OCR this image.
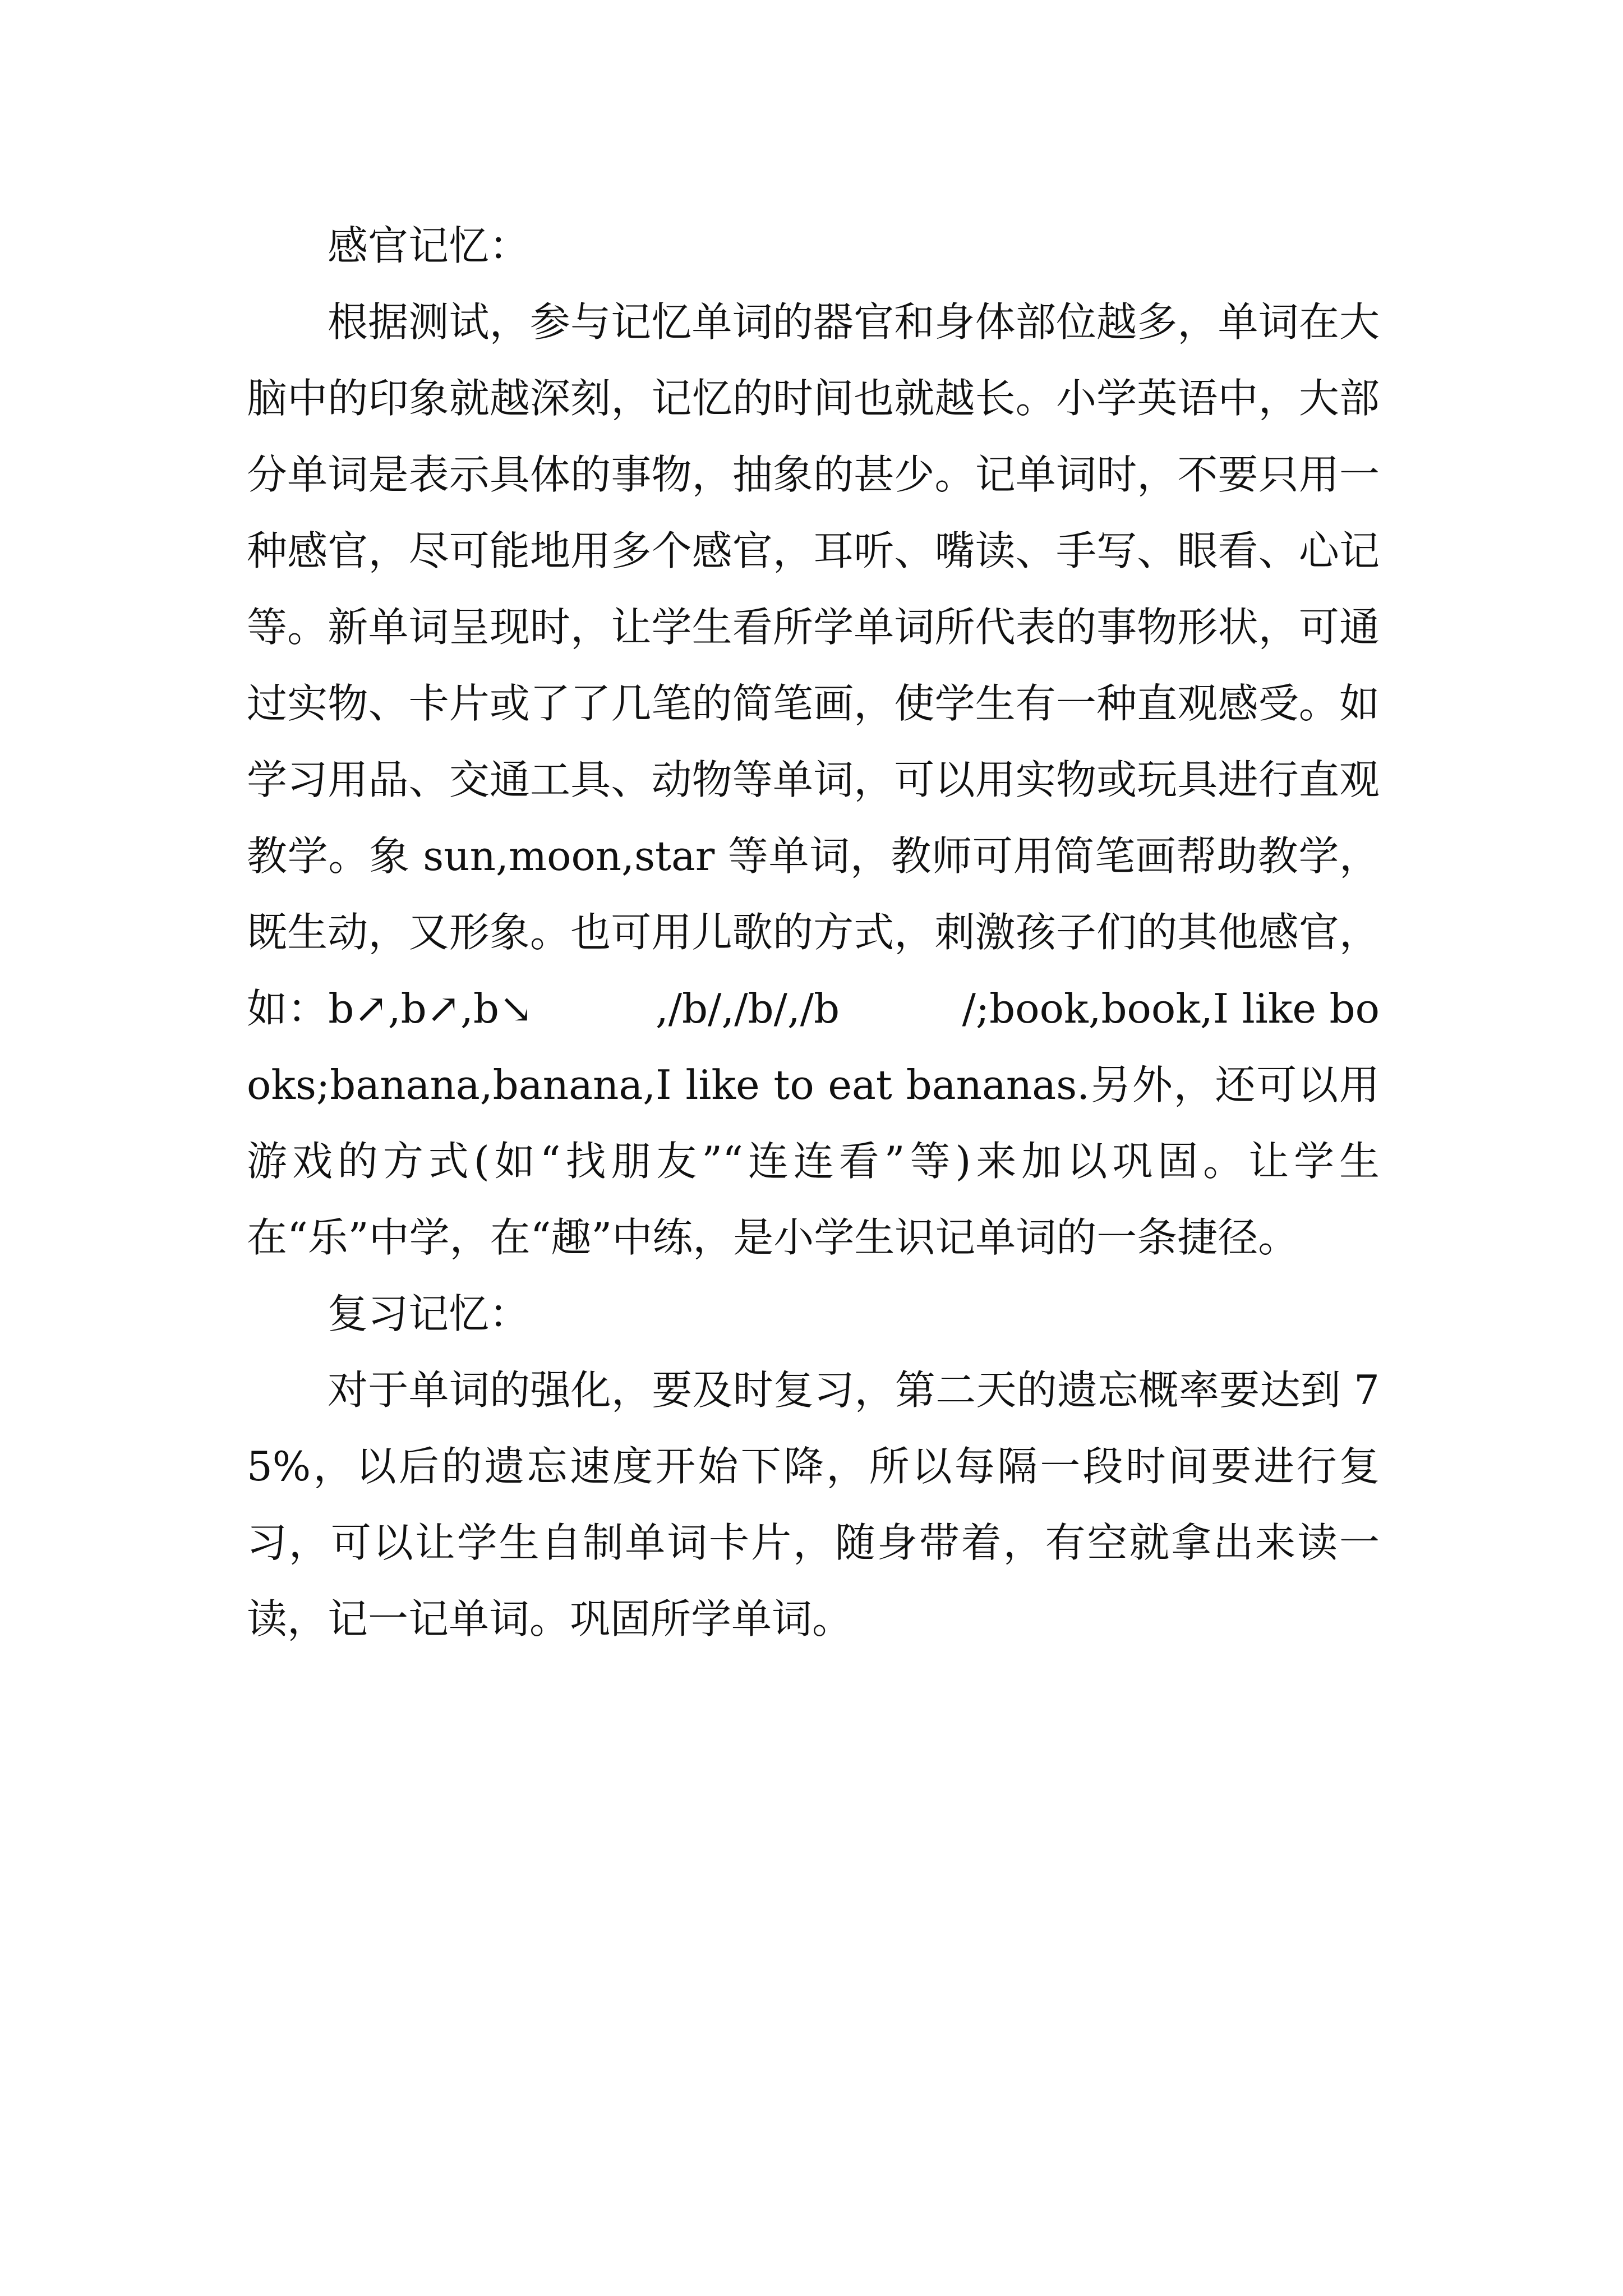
感官记忆：

根据测试，参与记忆单词的器官和身体部位越多，单词在大脑中的印象就越深刻，记忆的时间也就越长。小学英语中，大部分单词是表示具体的事物，抽象的甚少。记单词时，不要只用一种感官，尽可能地用多个感官，耳听、嘴读、手写、眼看、心记等。新单词呈现时，让学生看所学单词所代表的事物形状，可通过实物、卡片或了了几笔的简笔画，使学生有一种直观感受。如学习用品、交通工具、动物等单词，可以用实物或玩具进行直观教学。象 sun,moon,star 等单词，教师可用简笔画帮助教学，既生动，又形象。也可用儿歌的方式，刺激孩子们的其他感官，如：b↗,b↗,b↘　　　,/b/,/b/,/b　　　/;book,book,I like books;banana,banana,I like to eat bananas.另外，还可以用游戏的方式(如“找朋友”“连连看”等)来加以巩固。让学生在“乐”中学，在“趣”中练，是小学生识记单词的一条捷径。

复习记忆：

对于单词的强化，要及时复习，第二天的遗忘概率要达到 75%，以后的遗忘速度开始下降，所以每隔一段时间要进行复习，可以让学生自制单词卡片，随身带着，有空就拿出来读一读，记一记单词。巩固所学单词。
